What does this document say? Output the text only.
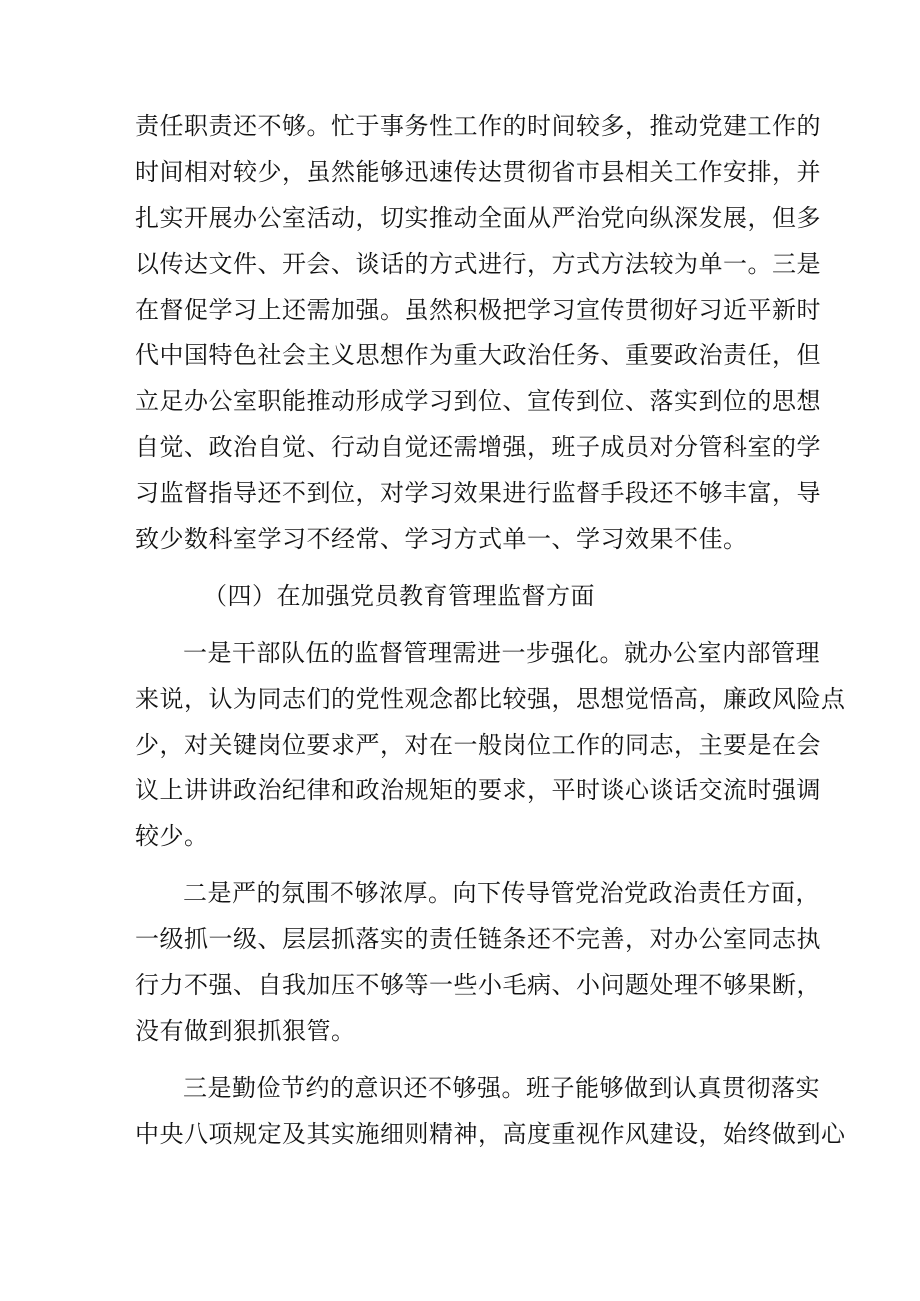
责任职责还不够。忙于事务性工作的时间较多，推动党建工作的
时间相对较少，虽然能够迅速传达贯彻省市县相关工作安排，并
扎实开展办公室活动，切实推动全面从严治党向纵深发展，但多
以传达文件、开会、谈话的方式进行，方式方法较为单一。三是
在督促学习上还需加强。虽然积极把学习宣传贯彻好习近平新时
代中国特色社会主义思想作为重大政治任务、重要政治责任，但
立足办公室职能推动形成学习到位、宣传到位、落实到位的思想
自觉、政治自觉、行动自觉还需增强，班子成员对分管科室的学
习监督指导还不到位，对学习效果进行监督手段还不够丰富，导
致少数科室学习不经常、学习方式单一、学习效果不佳。
（四）在加强党员教育管理监督方面
一是干部队伍的监督管理需进一步强化。就办公室内部管理
来说，认为同志们的党性观念都比较强，思想觉悟高，廉政风险点
少，对关键岗位要求严，对在一般岗位工作的同志，主要是在会
议上讲讲政治纪律和政治规矩的要求，平时谈心谈话交流时强调
较少。
二是严的氛围不够浓厚。向下传导管党治党政治责任方面，
一级抓一级、层层抓落实的责任链条还不完善，对办公室同志执
行力不强、自我加压不够等一些小毛病、小问题处理不够果断，
没有做到狠抓狠管。
三是勤俭节约的意识还不够强。班子能够做到认真贯彻落实
中央八项规定及其实施细则精神，高度重视作风建设，始终做到心
